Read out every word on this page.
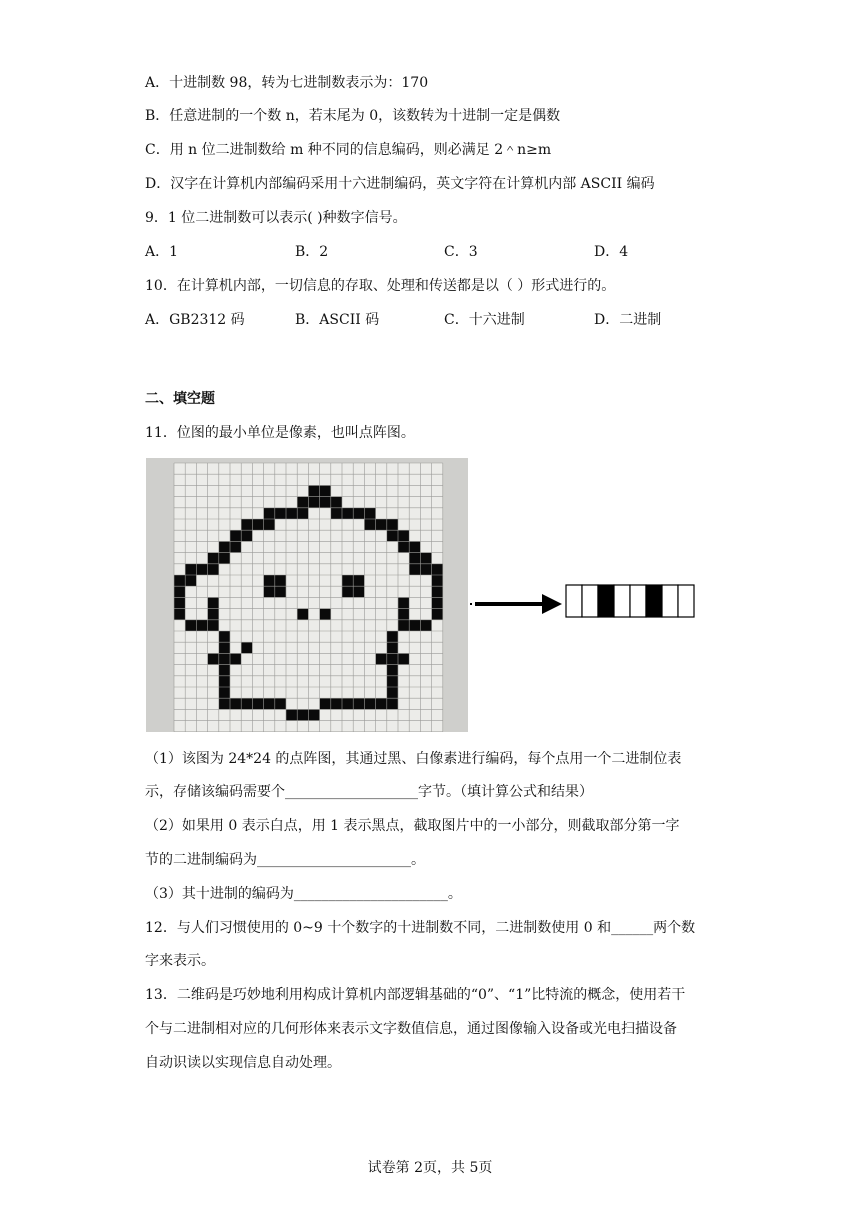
A．十进制数 98，转为七进制数表示为：170
B．任意进制的一个数 n，若末尾为 0，该数转为十进制一定是偶数
C．用 n 位二进制数给 m 种不同的信息编码，则必满足 2＾n≥m
D．汉字在计算机内部编码采用十六进制编码，英文字符在计算机内部 ASCII 编码
9．1 位二进制数可以表示( )种数字信号。
A．1	B．2	C．3	D．4
10．在计算机内部，一切信息的存取、处理和传送都是以（ ）形式进行的。
A．GB2312 码	B．ASCII 码	C．十六进制	D．二进制
二、填空题
11．位图的最小单位是像素，也叫点阵图。
（1）该图为 24*24 的点阵图，其通过黑、白像素进行编码，每个点用一个二进制位表
示，存储该编码需要个___________________字节。（填计算公式和结果）
（2）如果用 0 表示白点，用 1 表示黑点，截取图片中的一小部分，则截取部分第一字
节的二进制编码为______________________。
（3）其十进制的编码为______________________。
12．与人们习惯使用的 0~9 十个数字的十进制数不同，二进制数使用 0 和______两个数
字来表示。
13．二维码是巧妙地利用构成计算机内部逻辑基础的“0”、“1”比特流的概念，使用若干
个与二进制相对应的几何形体来表示文字数值信息，通过图像输入设备或光电扫描设备
自动识读以实现信息自动处理。
试卷第 2页，共 5页
